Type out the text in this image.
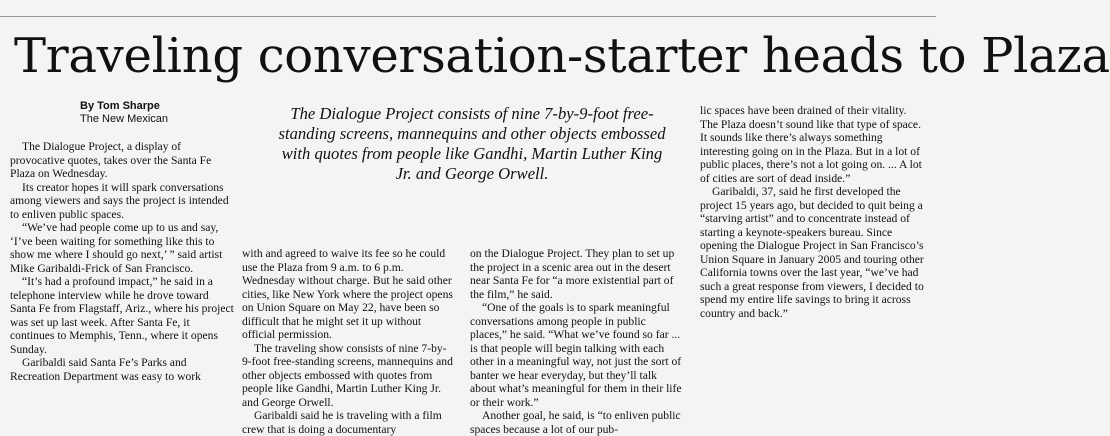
Traveling conversation-starter heads to Plaza
By Tom Sharpe
The New Mexican	The Dialogue Project consists of nine 7-by-9-foot free-standing screens, mannequins and other objects embossed with quotes from people like Gandhi, Martin Luther King Jr. and George Orwell.

The Dialogue Project, a display of provocative quotes, takes over the Santa Fe Plaza on Wednesday.

Its creator hopes it will spark conversations among viewers and says the project is intended to enliven public spaces.

“We’ve had people come up to us and say, ‘I’ve been waiting for something like this to show me where I should go next,’ ” said artist Mike Garibaldi-Frick of San Francisco.

“It’s had a profound impact,” he said in a telephone interview while he drove toward Santa Fe from Flagstaff, Ariz., where his project was set up last week. After Santa Fe, it continues to Memphis, Tenn., where it opens Sunday.

Garibaldi said Santa Fe’s Parks and Recreation Department was easy to work

with and agreed to waive its fee so he could use the Plaza from 9 a.m. to 6 p.m. Wednesday without charge. But he said other cities, like New York where the project opens on Union Square on May 22, have been so difficult that he might set it up without official permission.

The traveling show consists of nine 7-by-9-foot free-standing screens, mannequins and other objects embossed with quotes from people like Gandhi, Martin Luther King Jr. and George Orwell.

Garibaldi said he is traveling with a film crew that is doing a documentary

on the Dialogue Project. They plan to set up the project in a scenic area out in the desert near Santa Fe for “a more existential part of the film,” he said.

“One of the goals is to spark meaningful conversations among people in public places,” he said. “What we’ve found so far ... is that people will begin talking with each other in a meaningful way, not just the sort of banter we hear everyday, but they’ll talk about what’s meaningful for them in their life or their work.”

Another goal, he said, is “to enliven public spaces because a lot of our pub-

lic spaces have been drained of their vitality. The Plaza doesn’t sound like that type of space. It sounds like there’s always something interesting going on in the Plaza. But in a lot of public places, there’s not a lot going on. ... A lot of cities are sort of dead inside.”

Garibaldi, 37, said he first developed the project 15 years ago, but decided to quit being a “starving artist” and to concentrate instead of starting a keynote-speakers bureau. Since opening the Dialogue Project in San Francisco’s Union Square in January 2005 and touring other California towns over the last year, “we’ve had such a great response from viewers, I decided to spend my entire life savings to bring it across country and back.”
